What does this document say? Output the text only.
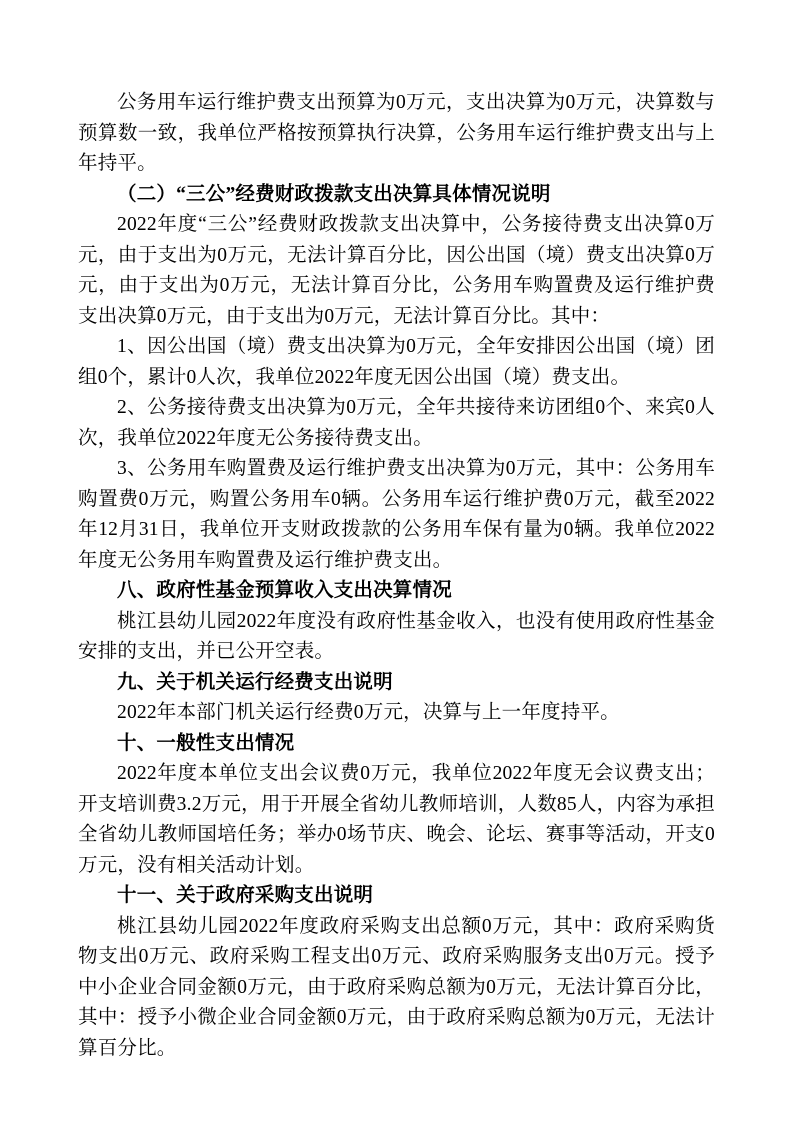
公务用车运行维护费支出预算为0万元，支出决算为0万元，决算数与预算数一致，我单位严格按预算执行决算，公务用车运行维护费支出与上年持平。

（二）“三公”经费财政拨款支出决算具体情况说明

2022年度“三公”经费财政拨款支出决算中，公务接待费支出决算0万元，由于支出为0万元，无法计算百分比，因公出国（境）费支出决算0万元，由于支出为0万元，无法计算百分比，公务用车购置费及运行维护费支出决算0万元，由于支出为0万元，无法计算百分比。其中：

1、因公出国（境）费支出决算为0万元，全年安排因公出国（境）团组0个，累计0人次，我单位2022年度无因公出国（境）费支出。

2、公务接待费支出决算为0万元，全年共接待来访团组0个、来宾0人次，我单位2022年度无公务接待费支出。

3、公务用车购置费及运行维护费支出决算为0万元，其中：公务用车购置费0万元，购置公务用车0辆。公务用车运行维护费0万元，截至2022年12月31日，我单位开支财政拨款的公务用车保有量为0辆。我单位2022年度无公务用车购置费及运行维护费支出。

八、政府性基金预算收入支出决算情况

桃江县幼儿园2022年度没有政府性基金收入，也没有使用政府性基金安排的支出，并已公开空表。

九、关于机关运行经费支出说明

2022年本部门机关运行经费0万元，决算与上一年度持平。

十、一般性支出情况

2022年度本单位支出会议费0万元，我单位2022年度无会议费支出；开支培训费3.2万元，用于开展全省幼儿教师培训，人数85人，内容为承担全省幼儿教师国培任务；举办0场节庆、晚会、论坛、赛事等活动，开支0万元，没有相关活动计划。

十一、关于政府采购支出说明

桃江县幼儿园2022年度政府采购支出总额0万元，其中：政府采购货物支出0万元、政府采购工程支出0万元、政府采购服务支出0万元。授予中小企业合同金额0万元，由于政府采购总额为0万元，无法计算百分比，其中：授予小微企业合同金额0万元，由于政府采购总额为0万元，无法计算百分比。
